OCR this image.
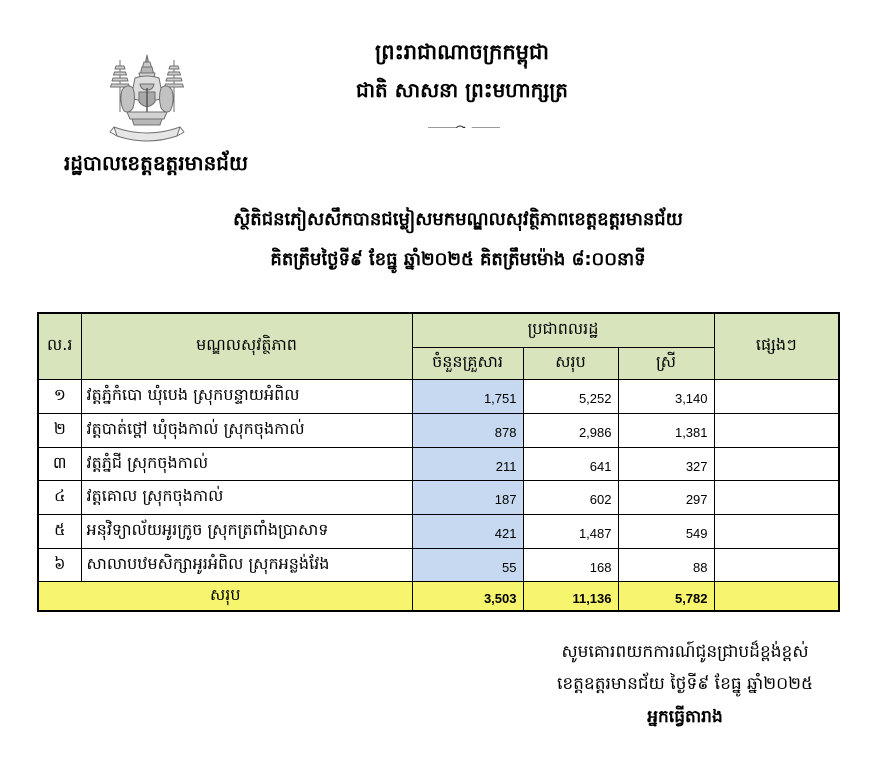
ព្រះរាជាណាចក្រកម្ពុជា
ជាតិ សាសនា ព្រះមហាក្សត្រ
រដ្ឋបាលខេត្តឧត្តរមានជ័យ
ស្ថិតិជនភៀសសឹកបានជម្លៀសមកមណ្ឌលសុវត្ថិភាពខេត្តឧត្តរមានជ័យ
គិតត្រឹមថ្ងៃទី៩ ខែធ្នូ ឆ្នាំ២០២៥ គិតត្រឹមម៉ោង ៨:០០នាទី
ល.រ	មណ្ឌលសុវត្ថិភាព	ប្រជាពលរដ្ឋ			ផ្សេងៗ
		ចំនួនគ្រួសារ	សរុប	ស្រី	
១	វត្តភ្នំកំបោ ឃុំបេង ស្រុកបន្ទាយអំពិល	1,751	5,252	3,140	
២	វត្តបាត់ថ្ពៅ ឃុំចុងកាល់ ស្រុកចុងកាល់	878	2,986	1,381	
៣	វត្តភ្នំជី ស្រុកចុងកាល់	211	641	327	
៤	វត្តគោល ស្រុកចុងកាល់	187	602	297	
៥	អនុវិទ្យាល័យអូរក្រូច ស្រុកត្រពាំងប្រាសាទ	421	1,487	549	
៦	សាលាបឋមសិក្សាអូរអំពិល ស្រុកអន្លង់វែង	55	168	88	
សរុប		3,503	11,136	5,782	
សូមគោរពយកការណ៍ជូនជ្រាបដ៏ខ្ពង់ខ្ពស់
ខេត្តឧត្តរមានជ័យ ថ្ងៃទី៩ ខែធ្នូ ឆ្នាំ២០២៥
អ្នកធ្វើតារាង
